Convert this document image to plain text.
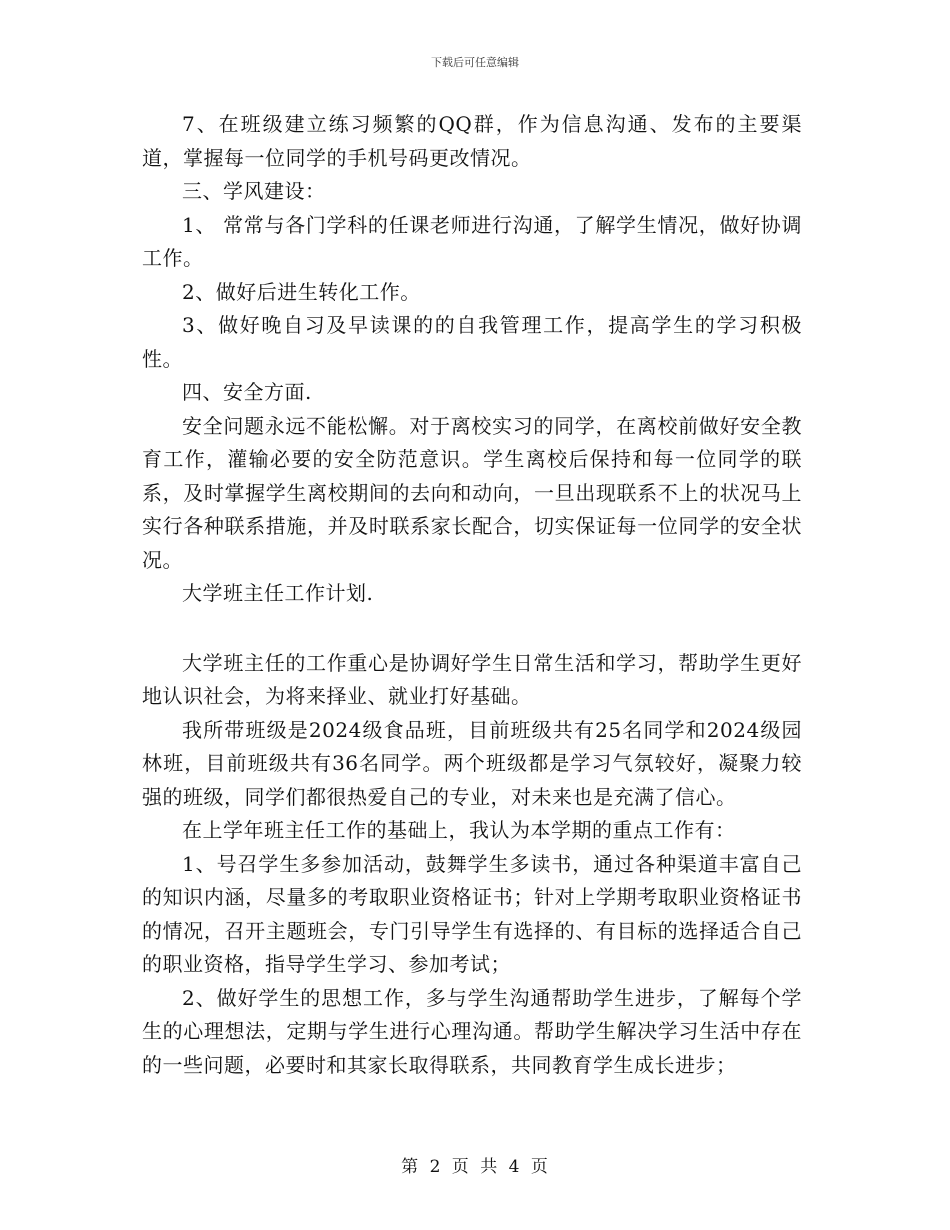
下载后可任意编辑

7、在班级建立练习频繁的QQ群，作为信息沟通、发布的主要渠道，掌握每一位同学的手机号码更改情况。

三、学风建设：

1、 常常与各门学科的任课老师进行沟通，了解学生情况，做好协调工作。

2、做好后进生转化工作。

3、做好晚自习及早读课的的自我管理工作，提高学生的学习积极性。

四、安全方面.

安全问题永远不能松懈。对于离校实习的同学，在离校前做好安全教育工作，灌输必要的安全防范意识。学生离校后保持和每一位同学的联系，及时掌握学生离校期间的去向和动向，一旦出现联系不上的状况马上实行各种联系措施，并及时联系家长配合，切实保证每一位同学的安全状况。

大学班主任工作计划.

大学班主任的工作重心是协调好学生日常生活和学习，帮助学生更好地认识社会，为将来择业、就业打好基础。

我所带班级是2024级食品班，目前班级共有25名同学和2024级园林班，目前班级共有36名同学。两个班级都是学习气氛较好，凝聚力较强的班级，同学们都很热爱自己的专业，对未来也是充满了信心。

在上学年班主任工作的基础上，我认为本学期的重点工作有：

1、号召学生多参加活动，鼓舞学生多读书，通过各种渠道丰富自己的知识内涵，尽量多的考取职业资格证书；针对上学期考取职业资格证书的情况，召开主题班会，专门引导学生有选择的、有目标的选择适合自己的职业资格，指导学生学习、参加考试；

2、做好学生的思想工作，多与学生沟通帮助学生进步，了解每个学生的心理想法，定期与学生进行心理沟通。帮助学生解决学习生活中存在的一些问题，必要时和其家长取得联系，共同教育学生成长进步；

第 2 页 共 4 页
